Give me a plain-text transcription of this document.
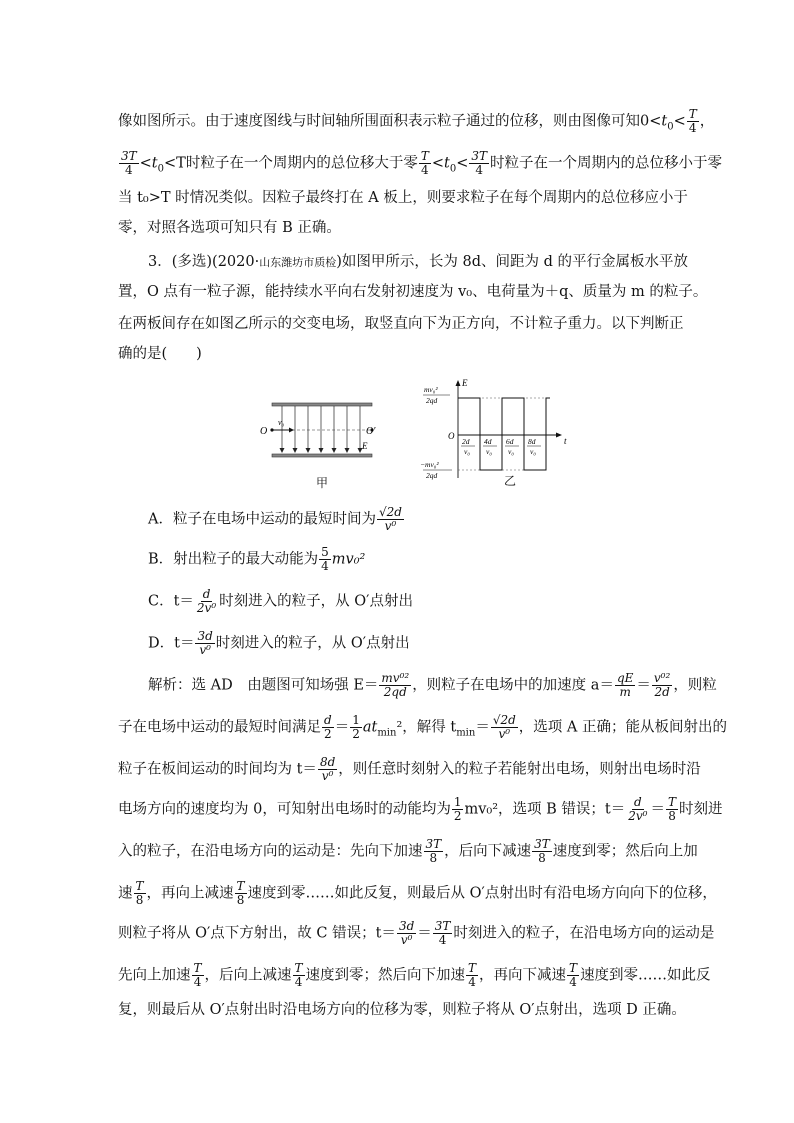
像如图所示。由于速度图线与时间轴所围面积表示粒子通过的位移，则由图像可知$0<t_0< \frac{T}{4}$ ，
$\frac{3T}{4} <t_0<T$时粒子在一个周期内的总位移大于零 $\frac{T}{4} <t_0< \frac{3T}{4}$ 时粒子在一个周期内的总位移小于零
当 t₀>T 时情况类似。因粒子最终打在 A 板上，则要求粒子在每个周期内的总位移应小于
零，对照各选项可知只有 B 正确。
3．(多选)(2020·山东潍坊市质检)如图甲所示，长为 8d、间距为 d 的平行金属板水平放
置，O 点有一粒子源，能持续水平向右发射初速度为 v₀、电荷量为＋q、质量为 m 的粒子。
在两板间存在如图乙所示的交变电场，取竖直向下为正方向，不计粒子重力。以下判断正
确的是(　　)
O	O′
v₀
E
甲
t
E
O
mv₀²
2qd
−mv₀²
2qd
2d
v₀
4d
v₀
6d
v₀
8d
v₀
乙
A．粒子在电场中运动的最短时间为 $\frac{√2d}{\text{v⁰}}$
B．射出粒子的最大动能为 $\frac{5}{4} mv_0^2$
C．$t= \frac{d}{\text{2v⁰}}$ 时刻进入的粒子，从 O′点射出
D．$t= \frac{3d}{\text{v⁰}}$ 时刻进入的粒子，从 O′点射出
解析：选 AD　由题图可知场强 $E= \frac{\text{mv⁰²}}{2qd}$ ，则粒子在电场中的加速度 $a= \frac{qE}{m} = \frac{\text{v⁰²}}{2d}$ ，则粒
子在电场中运动的最短时间满足 $\frac{d}{2} = \frac{1}{2} at_{min}^2$，解得 $t_{min}= \frac{√2d}{\text{v⁰}}$ ，选项 A 正确；能从板间射出的
粒子在板间运动的时间均为 $t= \frac{8d}{\text{v⁰}}$ ，则任意时刻射入的粒子若能射出电场，则射出电场时沿
电场方向的速度均为 0，可知射出电场时的动能均为 $\frac{1}{2} mv_0^2$，选项 B 错误；$t= \frac{d}{\text{2v⁰}} = \frac{T}{8}$ 时刻进
入的粒子，在沿电场方向的运动是：先向下加速 $\frac{3T}{8}$ ，后向下减速 $\frac{3T}{8}$ 速度到零；然后向上加
速 $\frac{T}{8}$ ，再向上减速 $\frac{T}{8}$ 速度到零……如此反复，则最后从 O′点射出时有沿电场方向向下的位移，
则粒子将从 O′点下方射出，故 C 错误；$t= \frac{3d}{\text{v⁰}} = \frac{3T}{4}$ 时刻进入的粒子，在沿电场方向的运动是
先向上加速 $\frac{T}{4}$ ，后向上减速 $\frac{T}{4}$ 速度到零；然后向下加速 $\frac{T}{4}$ ，再向下减速 $\frac{T}{4}$ 速度到零……如此反
复，则最后从 O′点射出时沿电场方向的位移为零，则粒子将从 O′点射出，选项 D 正确。
